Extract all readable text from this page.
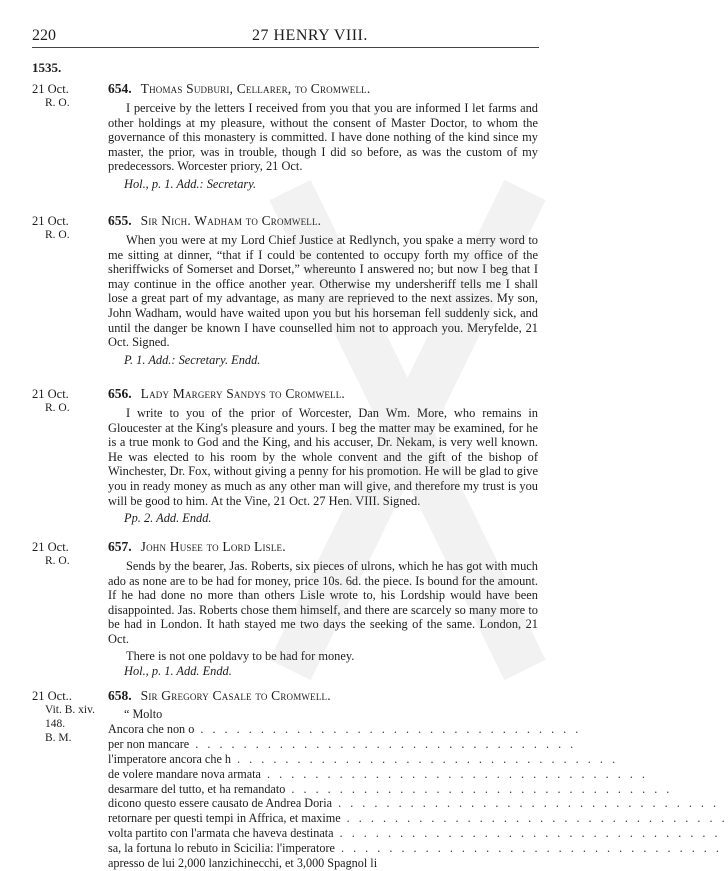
220	27 HENRY VIII.
1535.
21 Oct.
R. O.
654. Thomas Sudburi, Cellarer, to Cromwell.
I perceive by the letters I received from you that you are informed I let farms and other holdings at my pleasure, without the consent of Master Doctor, to whom the governance of this monastery is committed. I have done nothing of the kind since my master, the prior, was in trouble, though I did so before, as was the custom of my predecessors. Worcester priory, 21 Oct.
Hol., p. 1. Add.: Secretary.
21 Oct.
R. O.
655. Sir Nich. Wadham to Cromwell.
When you were at my Lord Chief Justice at Redlynch, you spake a merry word to me sitting at dinner, “that if I could be contented to occupy forth my office of the sheriffwicks of Somerset and Dorset,” whereunto I answered no; but now I beg that I may continue in the office another year. Otherwise my undersheriff tells me I shall lose a great part of my advantage, as many are reprieved to the next assizes. My son, John Wadham, would have waited upon you but his horseman fell suddenly sick, and until the danger be known I have counselled him not to approach you. Meryfelde, 21 Oct. Signed.
P. 1. Add.: Secretary. Endd.
21 Oct.
R. O.
656. Lady Margery Sandys to Cromwell.
I write to you of the prior of Worcester, Dan Wm. More, who remains in Gloucester at the King's pleasure and yours. I beg the matter may be examined, for he is a true monk to God and the King, and his accuser, Dr. Nekam, is very well known. He was elected to his room by the whole convent and the gift of the bishop of Winchester, Dr. Fox, without giving a penny for his promotion. He will be glad to give you in ready money as much as any other man will give, and therefore my trust is you will be good to him. At the Vine, 21 Oct. 27 Hen. VIII. Signed.
Pp. 2. Add. Endd.
21 Oct.
R. O.
657. John Husee to Lord Lisle.
Sends by the bearer, Jas. Roberts, six pieces of ulrons, which he has got with much ado as none are to be had for money, price 10s. 6d. the piece. Is bound for the amount. If he had done no more than others Lisle wrote to, his Lordship would have been disappointed. Jas. Roberts chose them himself, and there are scarcely so many more to be had in London. It hath stayed me two days the seeking of the same. London, 21 Oct.
There is not one poldavy to be had for money.
Hol., p. 1. Add. Endd.
21 Oct..
Vit. B. xiv. 148.
B. M.
658. Sir Gregory Casale to Cromwell.
“ Molto
Ancora che non o . . . . . . . . . . . . . . . . . . . . . . . . . . . . . . . .
per non mancare . . . . . . . . . . . . . . . . . . . . . . . . . . . . . . . .
l'imperatore ancora che h . . . . . . . . . . . . . . . . . . . . . . . . . . . . . . . .
de volere mandare nova armata . . . . . . . . . . . . . . . . . . . . . . . . . . . . . . . .
desarmare del tutto, et ha remandato . . . . . . . . . . . . . . . . . . . . . . . . . . . . . . . .
dicono questo essere causato de Andrea Doria . . . . . . . . . . . . . . . . . . . . . . . . . . . . . . . .
retornare per questi tempi in Affrica, et maxime . . . . . . . . . . . . . . . . . . . . . . . . . . . . . . . .
volta partito con l'armata che haveva destinata . . . . . . . . . . . . . . . . . . . . . . . . . . . . . . . .
sa, la fortuna lo rebuto in Scicilia: l'imperatore . . . . . . . . . . . . . . . . . . . . . . . . . . . . . . . .
apresso de lui 2,000 lanzichinecchi, et 3,000 Spagnol li
